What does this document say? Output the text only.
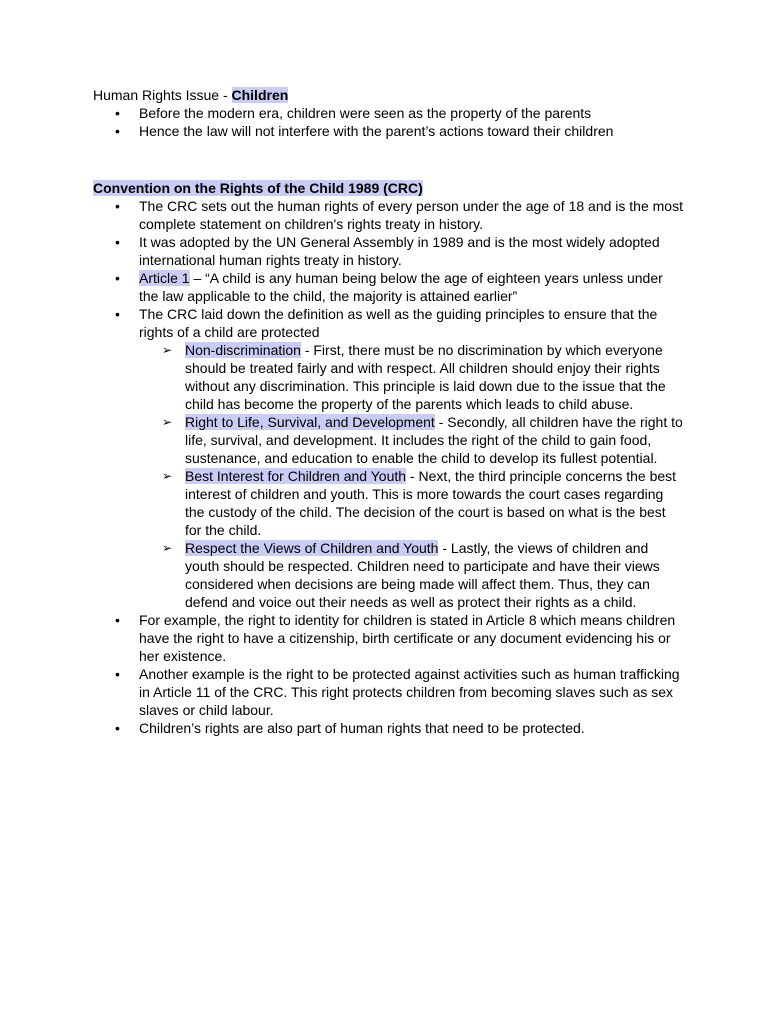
Human Rights Issue - Children

• Before the modern era, children were seen as the property of the parents
• Hence the law will not interfere with the parent’s actions toward their children
Convention on the Rights of the Child 1989 (CRC)
• The CRC sets out the human rights of every person under the age of 18 and is the most complete statement on children's rights treaty in history.
• It was adopted by the UN General Assembly in 1989 and is the most widely adopted international human rights treaty in history.
• Article 1 – “A child is any human being below the age of eighteen years unless under the law applicable to the child, the majority is attained earlier”
• The CRC laid down the definition as well as the guiding principles to ensure that the rights of a child are protected
➢ Non-discrimination - First, there must be no discrimination by which everyone should be treated fairly and with respect. All children should enjoy their rights without any discrimination. This principle is laid down due to the issue that the child has become the property of the parents which leads to child abuse.
➢ Right to Life, Survival, and Development - Secondly, all children have the right to life, survival, and development. It includes the right of the child to gain food, sustenance, and education to enable the child to develop its fullest potential.
➢ Best Interest for Children and Youth - Next, the third principle concerns the best interest of children and youth. This is more towards the court cases regarding the custody of the child. The decision of the court is based on what is the best for the child.
➢ Respect the Views of Children and Youth - Lastly, the views of children and youth should be respected. Children need to participate and have their views considered when decisions are being made will affect them. Thus, they can defend and voice out their needs as well as protect their rights as a child.
• For example, the right to identity for children is stated in Article 8 which means children have the right to have a citizenship, birth certificate or any document evidencing his or her existence.
• Another example is the right to be protected against activities such as human trafficking in Article 11 of the CRC. This right protects children from becoming slaves such as sex slaves or child labour.
• Children’s rights are also part of human rights that need to be protected.
